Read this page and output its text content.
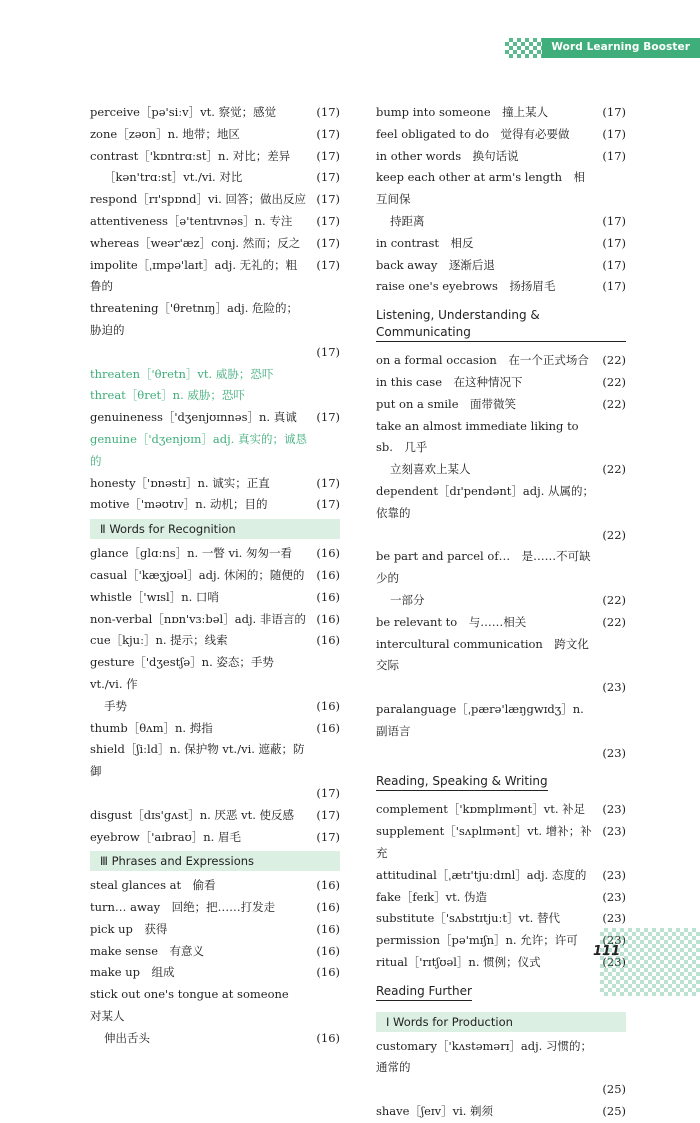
Word Learning Booster
perceive［pə'siːv］vt. 察觉；感觉	(17)
zone［zəʊn］n. 地带；地区	(17)
contrast［'kɒntrɑːst］n. 对比；差异 (17)
［kən'trɑːst］vt./vi. 对比	(17)
respond［rɪ'spɒnd］vi. 回答；做出反应 (17)
attentiveness［ə'tentɪvnəs］n. 专注 (17)
whereas［weər'æz］conj. 然而；反之 (17)
impolite［ˌɪmpə'laɪt］adj. 无礼的；粗鲁的
(17)
threatening［'θretnɪŋ］adj. 危险的；胁迫的

(17)
threaten［'θretn］vt. 威胁；恐吓
threat［θret］n. 威胁；恐吓
genuineness［'dʒenjʊɪnnəs］n. 真诚 (17)
genuine［'dʒenjʊɪn］adj. 真实的；诚恳的
honesty［'ɒnəstɪ］n. 诚实；正直	(17)
motive［'məʊtɪv］n. 动机；目的	(17)
Ⅱ Words for Recognition
glance［glɑːns］n. 一瞥 vi. 匆匆一看 (16)
casual［'kæʒjʊəl］adj. 休闲的；随便的 (16)
whistle［'wɪsl］n. 口哨	(16)
non-verbal［nɒn'vɜːbəl］adj. 非语言的 (16)
cue［kjuː］n. 提示；线索	(16)
gesture［'dʒestʃə］n. 姿态；手势 vt./vi. 作
手势	(16)
thumb［θʌm］n. 拇指	(16)
shield［ʃiːld］n. 保护物 vt./vi. 遮蔽；防御

(17)
disgust［dɪs'gʌst］n. 厌恶 vt. 使反感 (17)
eyebrow［'aɪbraʊ］n. 眉毛	(17)
Ⅲ Phrases and Expressions
steal glances at　偷看	(16)
turn… away　回绝；把……打发走	(16)
pick up　获得	(16)
make sense　有意义	(16)
make up　组成	(16)
stick out one's tongue at someone　对某人
伸出舌头	(16)
bump into someone　撞上某人	(17)
feel obligated to do　觉得有必要做	(17)
in other words　换句话说	(17)
keep each other at arm's length　相互间保
持距离	(17)
in contrast　相反	(17)
back away　逐渐后退	(17)
raise one's eyebrows　扬扬眉毛	(17)
Listening, Understanding & Communicating
on a formal occasion　在一个正式场合 (22)
in this case　在这种情况下	(22)
put on a smile　面带微笑	(22)
take an almost immediate liking to sb.　几乎
立刻喜欢上某人	(22)
dependent［dɪ'pendənt］adj. 从属的；依靠的

(22)
be part and parcel of…　是……不可缺少的
一部分	(22)
be relevant to　与……相关	(22)
intercultural communication　跨文化交际

(23)
paralanguage［ˌpærə'læŋgwɪdʒ］n. 副语言

(23)
Reading, Speaking & Writing
complement［'kɒmplɪmənt］vt. 补足 (23)
supplement［'sʌplɪmənt］vt. 增补；补充
(23)
attitudinal［ˌætɪ'tjuːdɪnl］adj. 态度的 (23)
fake［feɪk］vt. 伪造	(23)
substitute［'sʌbstɪtjuːt］vt. 替代	(23)
permission［pə'mɪʃn］n. 允许；许可 (23)
ritual［'rɪtʃʊəl］n. 惯例；仪式	(23)
Reading Further
Ⅰ Words for Production
customary［'kʌstəmərɪ］adj. 习惯的；通常的

(25)
shave［ʃeɪv］vi. 剃须	(25)
111
